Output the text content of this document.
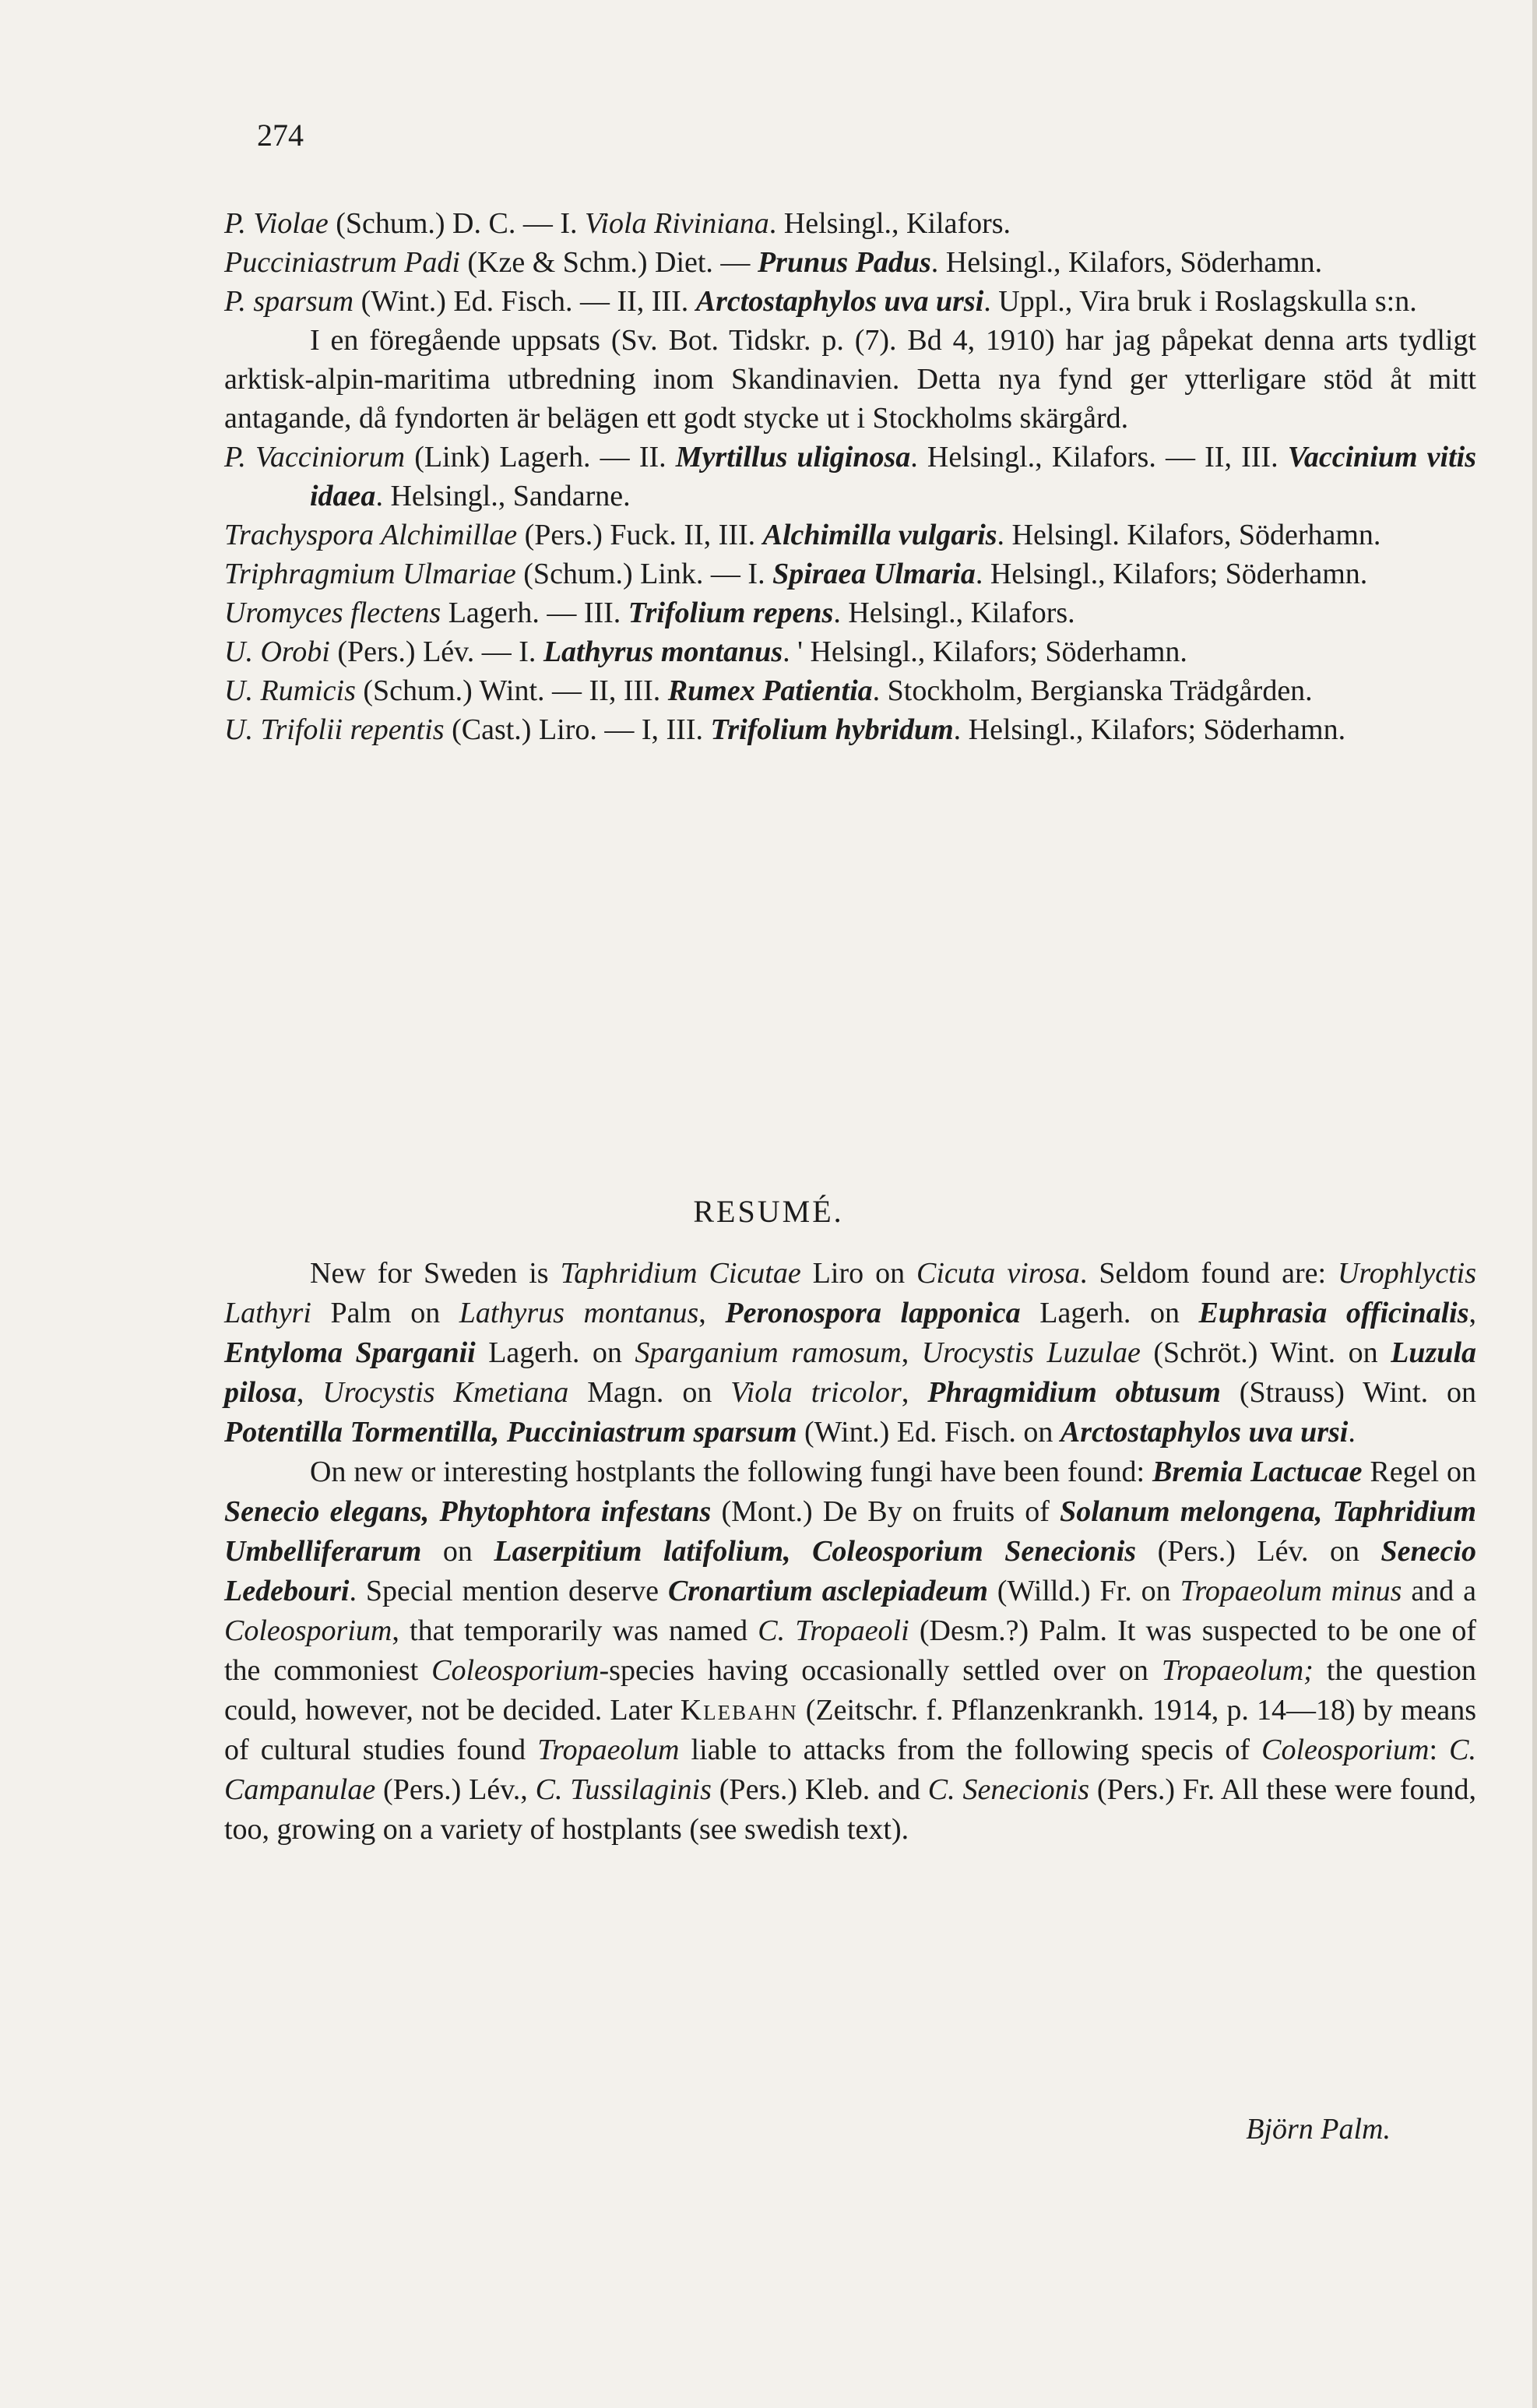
274
P. Violae (Schum.) D. C. — I. Viola Riviniana. Helsingl., Kilafors.
Pucciniastrum Padi (Kze & Schm.) Diet. — Prunus Padus. Helsingl., Kilafors, Söderhamn.
P. sparsum (Wint.) Ed. Fisch. — II, III. Arctostaphylos uva ursi. Uppl., Vira bruk i Roslagskulla s:n.
I en föregående uppsats (Sv. Bot. Tidskr. p. (7). Bd 4, 1910) har jag påpekat denna arts tydligt arktisk-alpin-maritima utbredning inom Skandinavien. Detta nya fynd ger ytterligare stöd åt mitt antagande, då fyndorten är belägen ett godt stycke ut i Stockholms skärgård.
P. Vacciniorum (Link) Lagerh. — II. Myrtillus uliginosa. Helsingl., Kilafors. — II, III. Vaccinium vitis idaea. Helsingl., Sandarne.
Trachyspora Alchimillae (Pers.) Fuck. II, III. Alchimilla vulgaris. Helsingl. Kilafors, Söderhamn.
Triphragmium Ulmariae (Schum.) Link. — I. Spiraea Ulmaria. Helsingl., Kilafors; Söderhamn.
Uromyces flectens Lagerh. — III. Trifolium repens. Helsingl., Kilafors.
U. Orobi (Pers.) Lév. — I. Lathyrus montanus. ' Helsingl., Kilafors; Söderhamn.
U. Rumicis (Schum.) Wint. — II, III. Rumex Patientia. Stockholm, Bergianska Trädgården.
U. Trifolii repentis (Cast.) Liro. — I, III. Trifolium hybridum. Helsingl., Kilafors; Söderhamn.
RESUMÉ.

New for Sweden is Taphridium Cicutae Liro on Cicuta virosa. Seldom found are: Urophlyctis Lathyri Palm on Lathyrus montanus, Peronospora lapponica Lagerh. on Euphrasia officinalis, Entyloma Sparganii Lagerh. on Sparganium ramosum, Urocystis Luzulae (Schröt.) Wint. on Luzula pilosa, Urocystis Kmetiana Magn. on Viola tricolor, Phragmidium obtusum (Strauss) Wint. on Potentilla Tormentilla, Pucciniastrum sparsum (Wint.) Ed. Fisch. on Arctostaphylos uva ursi.

On new or interesting hostplants the following fungi have been found: Bremia Lactucae Regel on Senecio elegans, Phytophtora infestans (Mont.) De By on fruits of Solanum melongena, Taphridium Umbelliferarum on Laserpitium latifolium, Coleosporium Senecionis (Pers.) Lév. on Senecio Ledebouri. Special mention deserve Cronartium asclepiadeum (Willd.) Fr. on Tropaeolum minus and a Coleosporium, that temporarily was named C. Tropaeoli (Desm.?) Palm. It was suspected to be one of the commoniest Coleosporium-species having occasionally settled over on Tropaeolum; the question could, however, not be decided. Later Klebahn (Zeitschr. f. Pflanzenkrankh. 1914, p. 14—18) by means of cultural studies found Tropaeolum liable to attacks from the following specis of Coleosporium: C. Campanulae (Pers.) Lév., C. Tussilaginis (Pers.) Kleb. and C. Senecionis (Pers.) Fr. All these were found, too, growing on a variety of hostplants (see swedish text).

Björn Palm.
